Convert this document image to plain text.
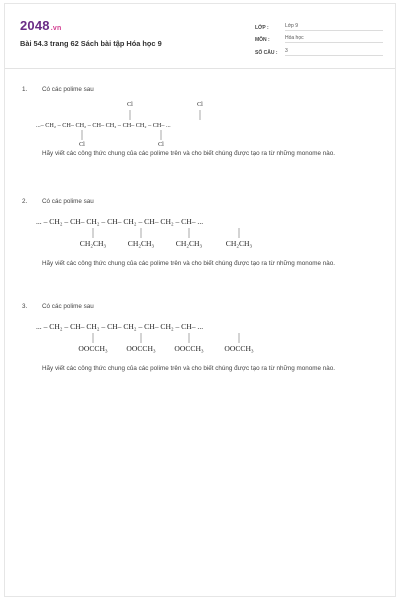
2048.vn
Bài 54.3 trang 62 Sách bài tập Hóa học 9
LỚP :	Lớp 9
MÔN :	Hóa học
SỐ CÂU :	3
1. Có các polime sau
Cl	Cl
...– CH₂ – CH– CH₂ – CH– CH₂ – CH– CH₂ – CH– ...
Cl	Cl
Hãy viết các công thức chung của các polime trên và cho biết chúng được tạo ra từ những monome nào.
2. Có các polime sau
... – CH₂ – CH– CH₂ – CH– CH₂ – CH– CH₂ – CH– ...
CH₂CH₃	CH₂CH₃	CH₂CH₃	CH₂CH₃
Hãy viết các công thức chung của các polime trên và cho biết chúng được tạo ra từ những monome nào.
3. Có các polime sau
... – CH₂ – CH– CH₂ – CH– CH₂ – CH– CH₂ – CH– ...
OOCCH₃ OOCCH₃ OOCCH₃	OOCCH₃
Hãy viết các công thức chung của các polime trên và cho biết chúng được tạo ra từ những monome nào.
